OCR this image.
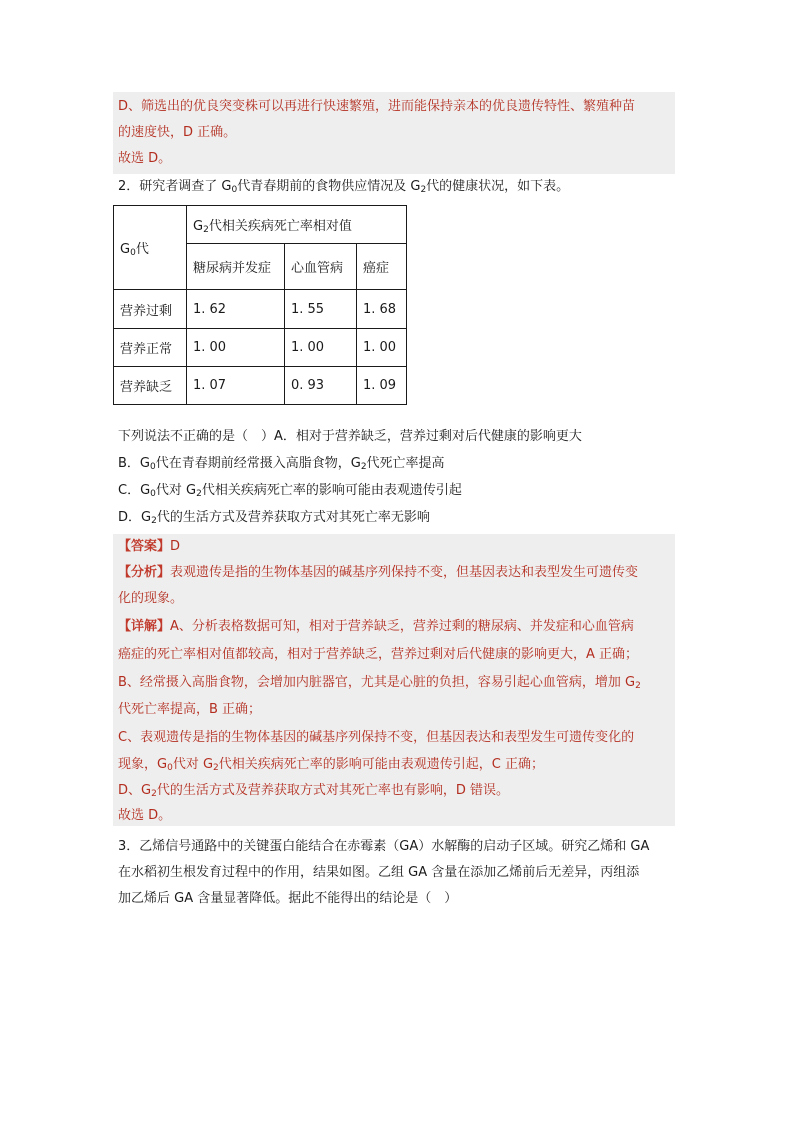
D、筛选出的优良突变株可以再进行快速繁殖，进而能保持亲本的优良遗传特性、繁殖种苗
的速度快，D 正确。
故选 D。
2．研究者调查了 $G_0$代青春期前的食物供应情况及 $G_2$代的健康状况，如下表。
$G_0$代	$G_2$代相关疾病死亡率相对值		
	糖尿病并发症	心血管病	癌症
营养过剩	1. 62	1. 55	1. 68
营养正常	1. 00	1. 00	1. 00
营养缺乏	1. 07	0. 93	1. 09
下列说法不正确的是（　）A．相对于营养缺乏，营养过剩对后代健康的影响更大
B．$G_0$代在青春期前经常摄入高脂食物，$G_2$代死亡率提高
C．$G_0$代对 $G_2$代相关疾病死亡率的影响可能由表观遗传引起
D．$G_2$代的生活方式及营养获取方式对其死亡率无影响
【答案】D
【分析】表观遗传是指的生物体基因的碱基序列保持不变，但基因表达和表型发生可遗传变
化的现象。
【详解】A、分析表格数据可知，相对于营养缺乏，营养过剩的糖尿病、并发症和心血管病
癌症的死亡率相对值都较高，相对于营养缺乏，营养过剩对后代健康的影响更大，A 正确；
B、经常摄入高脂食物，会增加内脏器官，尤其是心脏的负担，容易引起心血管病，增加 $G_2$
代死亡率提高，B 正确；
C、表观遗传是指的生物体基因的碱基序列保持不变，但基因表达和表型发生可遗传变化的
现象，$G_0$代对 $G_2$代相关疾病死亡率的影响可能由表观遗传引起，C 正确；
D、$G_2$代的生活方式及营养获取方式对其死亡率也有影响，D 错误。
故选 D。
3．乙烯信号通路中的关键蛋白能结合在赤霉素（GA）水解酶的启动子区域。研究乙烯和 GA
在水稻初生根发育过程中的作用，结果如图。乙组 GA 含量在添加乙烯前后无差异，丙组添
加乙烯后 GA 含量显著降低。据此不能得出的结论是（　）
